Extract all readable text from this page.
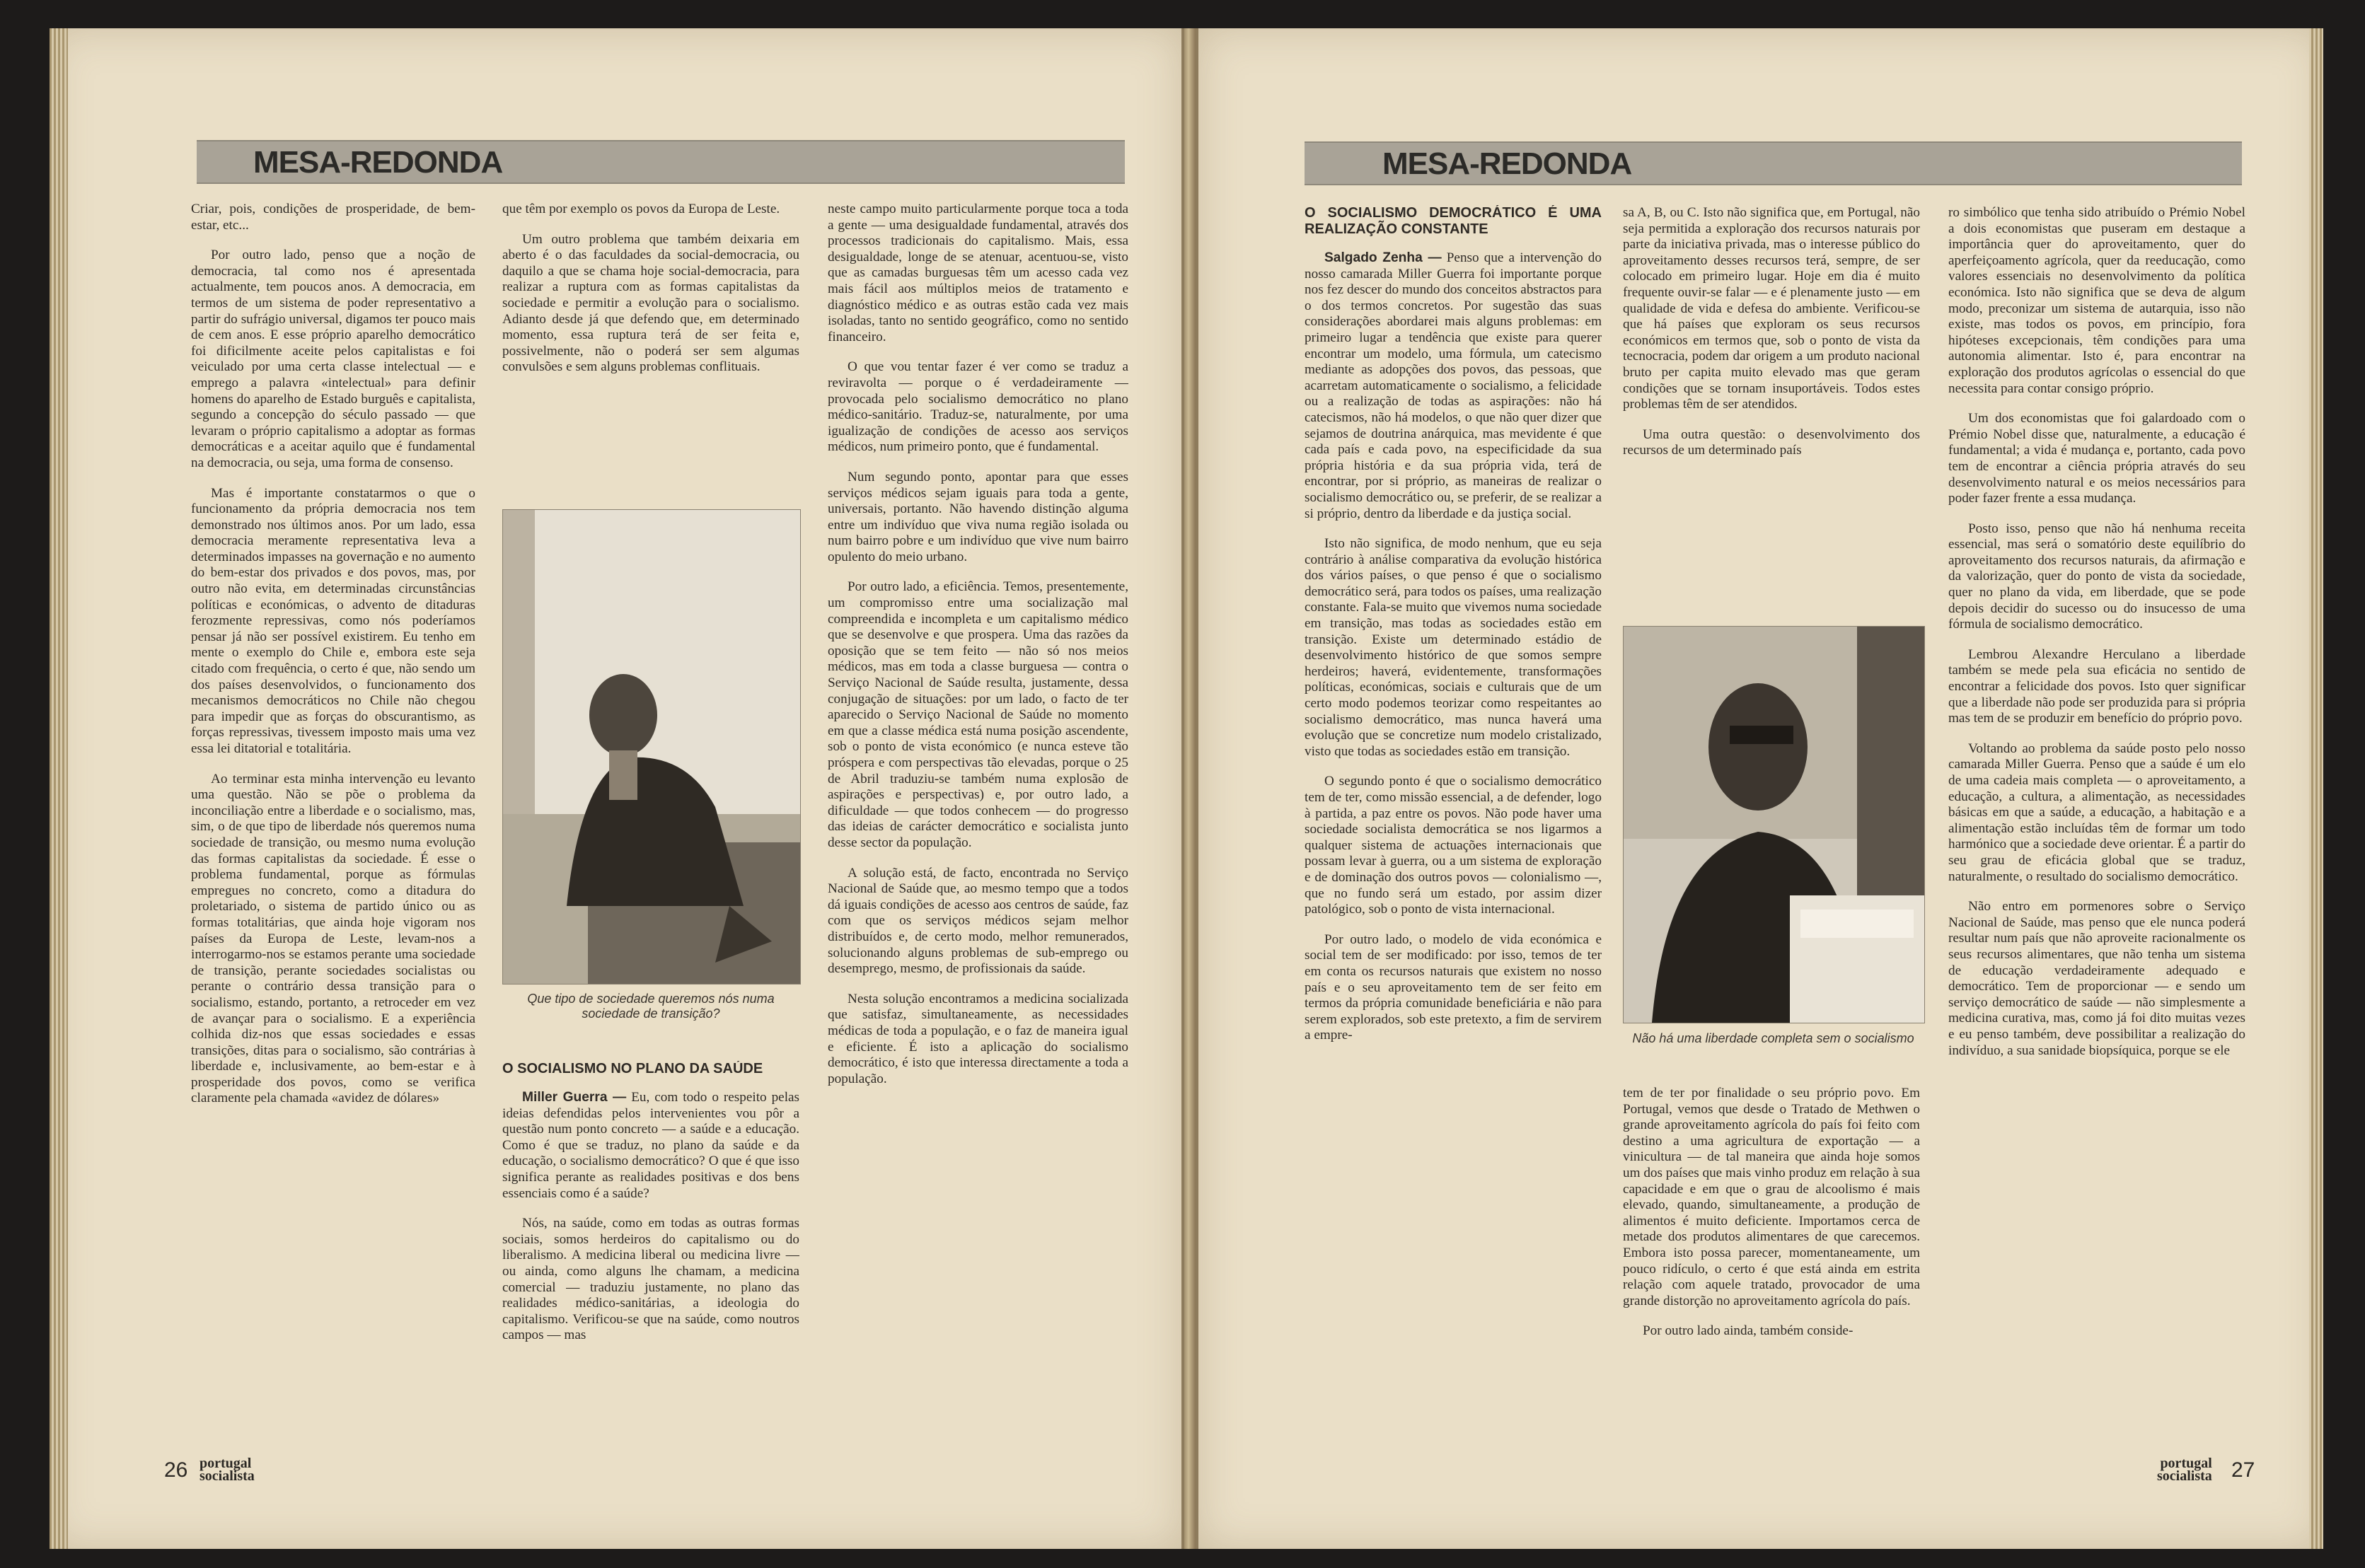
MESA-REDONDA

Criar, pois, condições de prosperidade, de bem-estar, etc...

Por outro lado, penso que a noção de democracia, tal como nos é apresentada actualmente, tem poucos anos. A democracia, em termos de um sistema de poder representativo a partir do sufrágio universal, digamos ter pouco mais de cem anos. E esse próprio aparelho democrático foi dificilmente aceite pelos capitalistas e foi veiculado por uma certa classe intelectual — e emprego a palavra «intelectual» para definir homens do aparelho de Estado burguês e capitalista, segundo a concepção do século passado — que levaram o próprio capitalismo a adoptar as formas democráticas e a aceitar aquilo que é fundamental na democracia, ou seja, uma forma de consenso.

Mas é importante constatarmos o que o funcionamento da própria democracia nos tem demonstrado nos últimos anos. Por um lado, essa democracia meramente representativa leva a determinados impasses na governação e no aumento do bem-estar dos privados e dos povos, mas, por outro não evita, em determinadas circunstâncias políticas e económicas, o advento de ditaduras ferozmente repressivas, como nós poderíamos pensar já não ser possível existirem. Eu tenho em mente o exemplo do Chile e, embora este seja citado com frequência, o certo é que, não sendo um dos países desenvolvidos, o funcionamento dos mecanismos democráticos no Chile não chegou para impedir que as forças do obscurantismo, as forças repressivas, tivessem imposto mais uma vez essa lei ditatorial e totalitária.

Ao terminar esta minha intervenção eu levanto uma questão. Não se põe o problema da inconciliação entre a liberdade e o socialismo, mas, sim, o de que tipo de liberdade nós queremos numa sociedade de transição, ou mesmo numa evolução das formas capitalistas da sociedade. É esse o problema fundamental, porque as fórmulas empregues no concreto, como a ditadura do proletariado, o sistema de partido único ou as formas totalitárias, que ainda hoje vigoram nos países da Europa de Leste, levam-nos a interrogarmo-nos se estamos perante uma sociedade de transição, perante sociedades socialistas ou perante o contrário dessa transição para o socialismo, estando, portanto, a retroceder em vez de avançar para o socialismo. E a experiência colhida diz-nos que essas sociedades e essas transições, ditas para o socialismo, são contrárias à liberdade e, inclusivamente, ao bem-estar e à prosperidade dos povos, como se verifica claramente pela chamada «avidez de dólares»

que têm por exemplo os povos da Europa de Leste.

Um outro problema que também deixaria em aberto é o das faculdades da social-democracia, ou daquilo a que se chama hoje social-democracia, para realizar a ruptura com as formas capitalistas da sociedade e permitir a evolução para o socialismo. Adianto desde já que defendo que, em determinado momento, essa ruptura terá de ser feita e, possivelmente, não o poderá ser sem algumas convulsões e sem alguns problemas conflituais.

Que tipo de sociedade queremos nós numa sociedade de transição?
O SOCIALISMO NO PLANO DA SAÚDE

Miller Guerra — Eu, com todo o respeito pelas ideias defendidas pelos intervenientes vou pôr a questão num ponto concreto — a saúde e a educação. Como é que se traduz, no plano da saúde e da educação, o socialismo democrático? O que é que isso significa perante as realidades positivas e dos bens essenciais como é a saúde?

Nós, na saúde, como em todas as outras formas sociais, somos herdeiros do capitalismo ou do liberalismo. A medicina liberal ou medicina livre — ou ainda, como alguns lhe chamam, a medicina comercial — traduziu justamente, no plano das realidades médico-sanitárias, a ideologia do capitalismo. Verificou-se que na saúde, como noutros campos — mas

neste campo muito particularmente porque toca a toda a gente — uma desigualdade fundamental, através dos processos tradicionais do capitalismo. Mais, essa desigualdade, longe de se atenuar, acentuou-se, visto que as camadas burguesas têm um acesso cada vez mais fácil aos múltiplos meios de tratamento e diagnóstico médico e as outras estão cada vez mais isoladas, tanto no sentido geográfico, como no sentido financeiro.

O que vou tentar fazer é ver como se traduz a reviravolta — porque o é verdadeiramente — provocada pelo socialismo democrático no plano médico-sanitário. Traduz-se, naturalmente, por uma igualização de condições de acesso aos serviços médicos, num primeiro ponto, que é fundamental.

Num segundo ponto, apontar para que esses serviços médicos sejam iguais para toda a gente, universais, portanto. Não havendo distinção alguma entre um indivíduo que viva numa região isolada ou num bairro pobre e um indivíduo que vive num bairro opulento do meio urbano.

Por outro lado, a eficiência. Temos, presentemente, um compromisso entre uma socialização mal compreendida e incompleta e um capitalismo médico que se desenvolve e que prospera. Uma das razões da oposição que se tem feito — não só nos meios médicos, mas em toda a classe burguesa — contra o Serviço Nacional de Saúde resulta, justamente, dessa conjugação de situações: por um lado, o facto de ter aparecido o Serviço Nacional de Saúde no momento em que a classe médica está numa posição ascendente, sob o ponto de vista económico (e nunca esteve tão próspera e com perspectivas tão elevadas, porque o 25 de Abril traduziu-se também numa explosão de aspirações e perspectivas) e, por outro lado, a dificuldade — que todos conhecem — do progresso das ideias de carácter democrático e socialista junto desse sector da população.

A solução está, de facto, encontrada no Serviço Nacional de Saúde que, ao mesmo tempo que a todos dá iguais condições de acesso aos centros de saúde, faz com que os serviços médicos sejam melhor distribuídos e, de certo modo, melhor remunerados, solucionando alguns problemas de sub-emprego ou desemprego, mesmo, de profissionais da saúde.

Nesta solução encontramos a medicina socializada que satisfaz, simultaneamente, as necessidades médicas de toda a população, e o faz de maneira igual e eficiente. É isto a aplicação do socialismo democrático, é isto que interessa directamente a toda a população.

26 portugal
socialista
MESA-REDONDA
O SOCIALISMO DEMOCRÁTICO É UMA REALIZAÇÃO CONSTANTE

Salgado Zenha — Penso que a intervenção do nosso camarada Miller Guerra foi importante porque nos fez descer do mundo dos conceitos abstractos para o dos termos concretos. Por sugestão das suas considerações abordarei mais alguns problemas: em primeiro lugar a tendência que existe para querer encontrar um modelo, uma fórmula, um catecismo mediante as adopções dos povos, das pessoas, que acarretam automaticamente o socialismo, a felicidade ou a realização de todas as aspirações: não há catecismos, não há modelos, o que não quer dizer que sejamos de doutrina anárquica, mas mevidente é que cada país e cada povo, na especificidade da sua própria história e da sua própria vida, terá de encontrar, por si próprio, as maneiras de realizar o socialismo democrático ou, se preferir, de se realizar a si próprio, dentro da liberdade e da justiça social.

Isto não significa, de modo nenhum, que eu seja contrário à análise comparativa da evolução histórica dos vários países, o que penso é que o socialismo democrático será, para todos os países, uma realização constante. Fala-se muito que vivemos numa sociedade em transição, mas todas as sociedades estão em transição. Existe um determinado estádio de desenvolvimento histórico de que somos sempre herdeiros; haverá, evidentemente, transformações políticas, económicas, sociais e culturais que de um certo modo podemos teorizar como respeitantes ao socialismo democrático, mas nunca haverá uma evolução que se concretize num modelo cristalizado, visto que todas as sociedades estão em transição.

O segundo ponto é que o socialismo democrático tem de ter, como missão essencial, a de defender, logo à partida, a paz entre os povos. Não pode haver uma sociedade socialista democrática se nos ligarmos a qualquer sistema de actuações internacionais que possam levar à guerra, ou a um sistema de exploração e de dominação dos outros povos — colonialismo —, que no fundo será um estado, por assim dizer patológico, sob o ponto de vista internacional.

Por outro lado, o modelo de vida económica e social tem de ser modificado: por isso, temos de ter em conta os recursos naturais que existem no nosso país e o seu aproveitamento tem de ser feito em termos da própria comunidade beneficiária e não para serem explorados, sob este pretexto, a fim de servirem a empre-

sa A, B, ou C. Isto não significa que, em Portugal, não seja permitida a exploração dos recursos naturais por parte da iniciativa privada, mas o interesse público do aproveitamento desses recursos terá, sempre, de ser colocado em primeiro lugar. Hoje em dia é muito frequente ouvir-se falar — e é plenamente justo — em qualidade de vida e defesa do ambiente. Verificou-se que há países que exploram os seus recursos económicos em termos que, sob o ponto de vista da tecnocracia, podem dar origem a um produto nacional bruto per capita muito elevado mas que geram condições que se tornam insuportáveis. Todos estes problemas têm de ser atendidos.

Uma outra questão: o desenvolvimento dos recursos de um determinado país

Não há uma liberdade completa sem o socialismo

tem de ter por finalidade o seu próprio povo. Em Portugal, vemos que desde o Tratado de Methwen o grande aproveitamento agrícola do país foi feito com destino a uma agricultura de exportação — a vinicultura — de tal maneira que ainda hoje somos um dos países que mais vinho produz em relação à sua capacidade e em que o grau de alcoolismo é mais elevado, quando, simultaneamente, a produção de alimentos é muito deficiente. Importamos cerca de metade dos produtos alimentares de que carecemos. Embora isto possa parecer, momentaneamente, um pouco ridículo, o certo é que está ainda em estrita relação com aquele tratado, provocador de uma grande distorção no aproveitamento agrícola do país.

Por outro lado ainda, também conside-

ro simbólico que tenha sido atribuído o Prémio Nobel a dois economistas que puseram em destaque a importância quer do aproveitamento, quer do aperfeiçoamento agrícola, quer da reeducação, como valores essenciais no desenvolvimento da política económica. Isto não significa que se deva de algum modo, preconizar um sistema de autarquia, isso não existe, mas todos os povos, em princípio, fora hipóteses excepcionais, têm condições para uma autonomia alimentar. Isto é, para encontrar na exploração dos produtos agrícolas o essencial do que necessita para contar consigo próprio.

Um dos economistas que foi galardoado com o Prémio Nobel disse que, naturalmente, a educação é fundamental; a vida é mudança e, portanto, cada povo tem de encontrar a ciência própria através do seu desenvolvimento natural e os meios necessários para poder fazer frente a essa mudança.

Posto isso, penso que não há nenhuma receita essencial, mas será o somatório deste equilíbrio do aproveitamento dos recursos naturais, da afirmação e da valorização, quer do ponto de vista da sociedade, quer no plano da vida, em liberdade, que se pode depois decidir do sucesso ou do insucesso de uma fórmula de socialismo democrático.

Lembrou Alexandre Herculano a liberdade também se mede pela sua eficácia no sentido de encontrar a felicidade dos povos. Isto quer significar que a liberdade não pode ser produzida para si própria mas tem de se produzir em benefício do próprio povo.

Voltando ao problema da saúde posto pelo nosso camarada Miller Guerra. Penso que a saúde é um elo de uma cadeia mais completa — o aproveitamento, a educação, a cultura, a alimentação, as necessidades básicas em que a saúde, a educação, a habitação e a alimentação estão incluídas têm de formar um todo harmónico que a sociedade deve orientar. É a partir do seu grau de eficácia global que se traduz, naturalmente, o resultado do socialismo democrático.

Não entro em pormenores sobre o Serviço Nacional de Saúde, mas penso que ele nunca poderá resultar num país que não aproveite racionalmente os seus recursos alimentares, que não tenha um sistema de educação verdadeiramente adequado e democrático. Tem de proporcionar — e sendo um serviço democrático de saúde — não simplesmente a medicina curativa, mas, como já foi dito muitas vezes e eu penso também, deve possibilitar a realização do indivíduo, a sua sanidade biopsíquica, porque se ele

portugal
socialista 27
